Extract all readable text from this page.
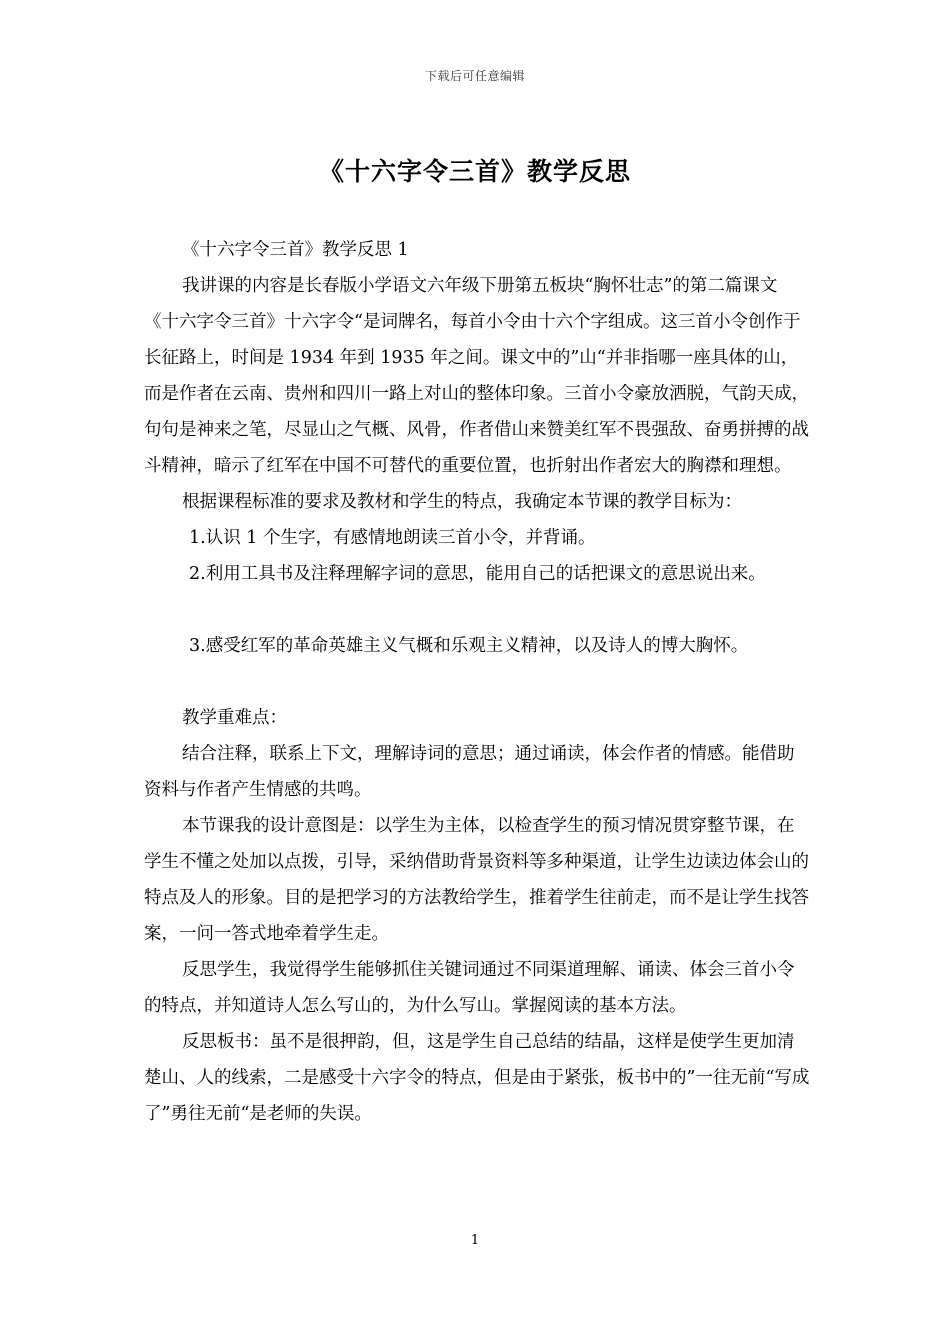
下载后可任意编辑
《十六字令三首》教学反思

《十六字令三首》教学反思 1

我讲课的内容是长春版小学语文六年级下册第五板块“胸怀壮志”的第二篇课文《十六字令三首》十六字令“是词牌名，每首小令由十六个字组成。这三首小令创作于长征路上，时间是 1934 年到 1935 年之间。课文中的”山“并非指哪一座具体的山，而是作者在云南、贵州和四川一路上对山的整体印象。三首小令豪放洒脱，气韵天成，句句是神来之笔，尽显山之气概、风骨，作者借山来赞美红军不畏强敌、奋勇拼搏的战斗精神，暗示了红军在中国不可替代的重要位置，也折射出作者宏大的胸襟和理想。

根据课程标准的要求及教材和学生的特点，我确定本节课的教学目标为：

1.认识 1 个生字，有感情地朗读三首小令，并背诵。

2.利用工具书及注释理解字词的意思，能用自己的话把课文的意思说出来。

3.感受红军的革命英雄主义气概和乐观主义精神，以及诗人的博大胸怀。

教学重难点：

结合注释，联系上下文，理解诗词的意思；通过诵读，体会作者的情感。能借助资料与作者产生情感的共鸣。

本节课我的设计意图是：以学生为主体，以检查学生的预习情况贯穿整节课，在学生不懂之处加以点拨，引导，采纳借助背景资料等多种渠道，让学生边读边体会山的特点及人的形象。目的是把学习的方法教给学生，推着学生往前走，而不是让学生找答案，一问一答式地牵着学生走。

反思学生，我觉得学生能够抓住关键词通过不同渠道理解、诵读、体会三首小令的特点，并知道诗人怎么写山的，为什么写山。掌握阅读的基本方法。

反思板书：虽不是很押韵，但，这是学生自己总结的结晶，这样是使学生更加清楚山、人的线索，二是感受十六字令的特点，但是由于紧张，板书中的”一往无前“写成了”勇往无前“是老师的失误。

1
